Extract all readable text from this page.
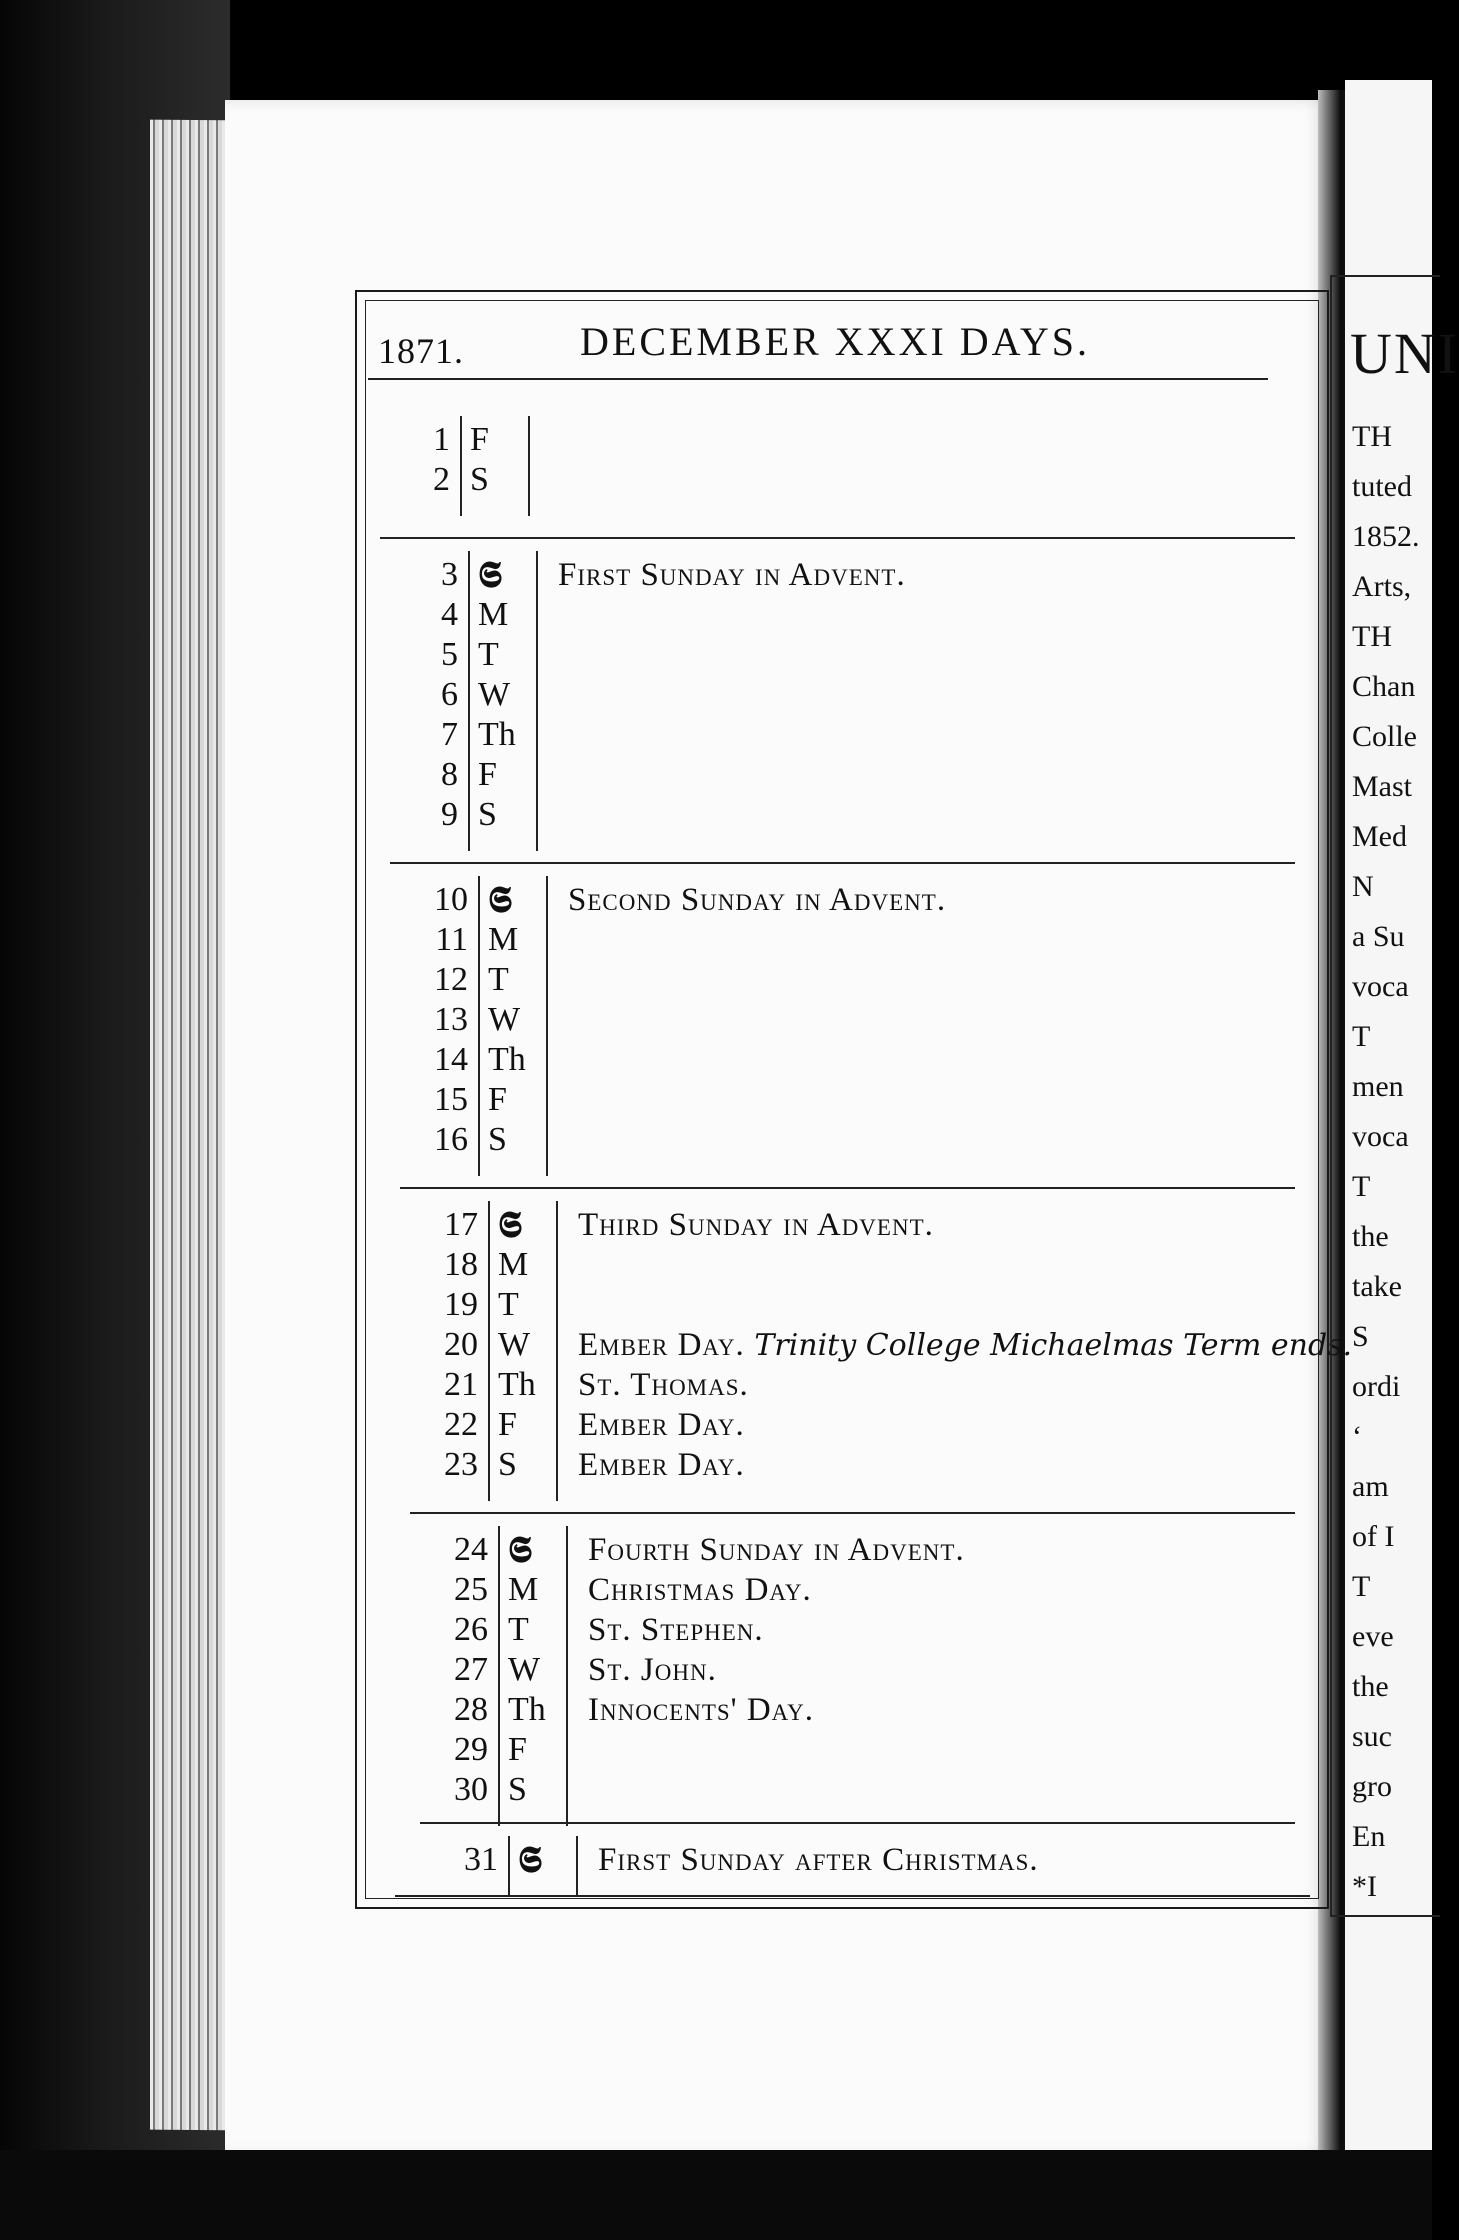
1871.	DECEMBER XXXI DAYS.
1 F
2 S
3 𝕾	First Sunday in Advent.
4 M
5 T
6 W
7 Th
8 F
9 S
10 𝕾	Second Sunday in Advent.
11 M
12 T
13 W
14 Th
15 F
16 S
17 𝕾	Third Sunday in Advent.
18 M
19 T
20 W	Ember Day. Trinity College Michaelmas Term ends.
21 Th	St. Thomas.
22 F	Ember Day.
23 S	Ember Day.
24 𝕾	Fourth Sunday in Advent.
25 M	Christmas Day.
26 T	St. Stephen.
27 W	St. John.
28 Th	Innocents' Day.
29 F
30 S
31 𝕾	First Sunday after Christmas.
UNI
TH
tuted
1852.
Arts,
TH
Chan
Colle
Mast
Med
N
a Su
voca
T
men
voca
T
the
take
S
ordi
‘
am
of I
T
eve
the
suc
gro
En
*I
